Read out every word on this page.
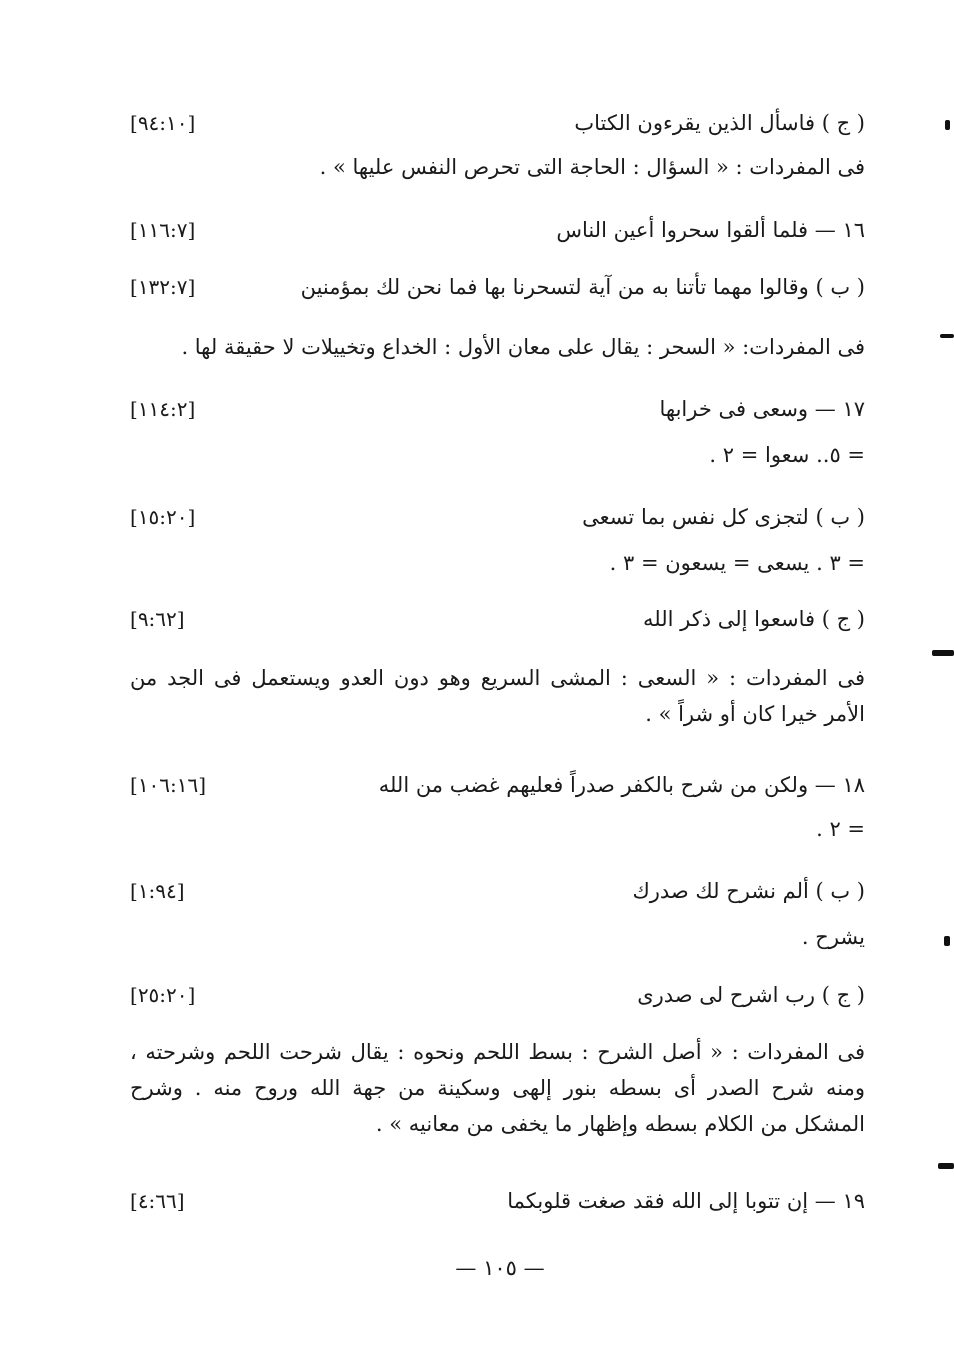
( ج ) فاسأل الذين يقرءون الكتاب
[٩٤:١٠]
فى المفردات : « السؤال : الحاجة التى تحرص النفس عليها » .
١٦ — فلما ألقوا سحروا أعين الناس
[١١٦:٧]
( ب ) وقالوا مهما تأتنا به من آية لتسحرنا بها فما نحن لك بمؤمنين
[١٣٢:٧]
فى المفردات: « السحر : يقال على معان الأول : الخداع وتخييلات لا حقيقة لها .
١٧ — وسعى فى خرابها
[١١٤:٢]
= ٥.. سعوا = ٢ .
( ب ) لتجزى كل نفس بما تسعى
[١٥:٢٠]
= ٣ . يسعى = يسعون = ٣ .
( ج ) فاسعوا إلى ذكر الله
[٩:٦٢]
فى المفردات : « السعى : المشى السريع وهو دون العدو ويستعمل فى الجد من الأمر خيرا كان أو شراً » .
١٨ — ولكن من شرح بالكفر صدراً فعليهم غضب من الله
[١٠٦:١٦]
= ٢ .
( ب ) ألم نشرح لك صدرك
[١:٩٤]
يشرح .
( ج ) رب اشرح لى صدرى
[٢٥:٢٠]
فى المفردات : « أصل الشرح : بسط اللحم ونحوه : يقال شرحت اللحم وشرحته ، ومنه شرح الصدر أى بسطه بنور إلهى وسكينة من جهة الله وروح منه . وشرح المشكل من الكلام بسطه وإظهار ما يخفى من معانيه » .
١٩ — إن تتوبا إلى الله فقد صغت قلوبكما
[٤:٦٦]
— ١٠٥ —
